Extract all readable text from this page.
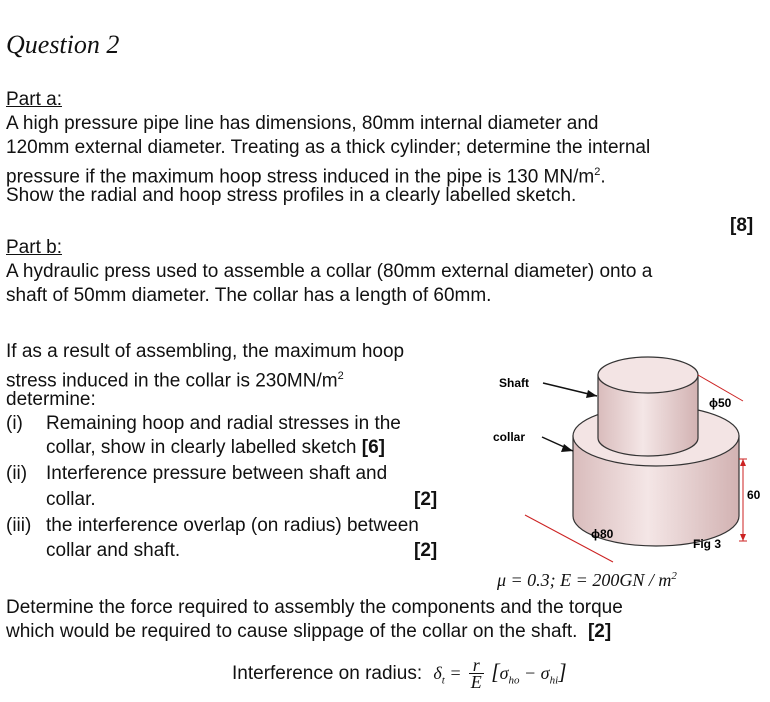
Question 2
Part a:
A high pressure pipe line has dimensions, 80mm internal diameter and
120mm external diameter. Treating as a thick cylinder; determine the internal
pressure if the maximum hoop stress induced in the pipe is 130 $MN/m^2$.
Show the radial and hoop stress profiles in a clearly labelled sketch.
[8]
Part b:
A hydraulic press used to assemble a collar (80mm external diameter) onto a
shaft of 50mm diameter. The collar has a length of 60mm.
If as a result of assembling, the maximum hoop
stress induced in the collar is $230MN/m^2$
determine:
(i) Remaining hoop and radial stresses in the
collar, show in clearly labelled sketch [6]
(ii) Interference pressure between shaft and
collar.	[2]
(iii) the interference overlap (on radius) between
collar and shaft.	[2]
μ = 0.3; $E = 200GN / m^2$
Determine the force required to assembly the components and the torque
which would be required to cause slippage of the collar on the shaft. [2]
Interference on radius: $\delta_t = \frac{r}{E} [\sigma_{ho} - \sigma_{hi}]$
Shaft
collar
ϕ50
ϕ80
60
Fig 3
